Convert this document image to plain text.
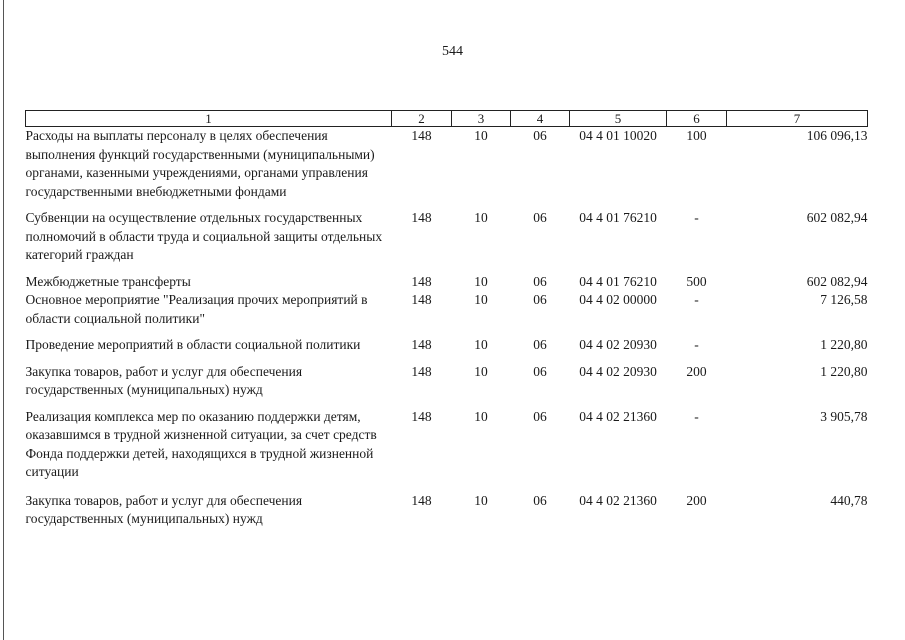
544
1	2	3	4	5	6	7
Расходы на выплаты персоналу в целях обеспечения выполнения функций государственными (муниципальными) органами, казенными учреждениями, органами управления государственными внебюджетными фондами	148	10	06	04 4 01 10020	100	106 096,13
Субвенции на осуществление отдельных государственных полномочий в области труда и социальной защиты отдельных категорий граждан	148	10	06	04 4 01 76210	-	602 082,94
Межбюджетные трансферты	148	10	06	04 4 01 76210	500	602 082,94
Основное мероприятие "Реализация прочих мероприятий в области социальной политики"	148	10	06	04 4 02 00000	-	7 126,58
Проведение мероприятий в области социальной политики	148	10	06	04 4 02 20930	-	1 220,80
Закупка товаров, работ и услуг для обеспечения государственных (муниципальных) нужд	148	10	06	04 4 02 20930	200	1 220,80
Реализация комплекса мер по оказанию поддержки детям, оказавшимся в трудной жизненной ситуации, за счет средств Фонда поддержки детей, находящихся в трудной жизненной ситуации	148	10	06	04 4 02 21360	-	3 905,78
Закупка товаров, работ и услуг для обеспечения государственных (муниципальных) нужд	148	10	06	04 4 02 21360	200	440,78
